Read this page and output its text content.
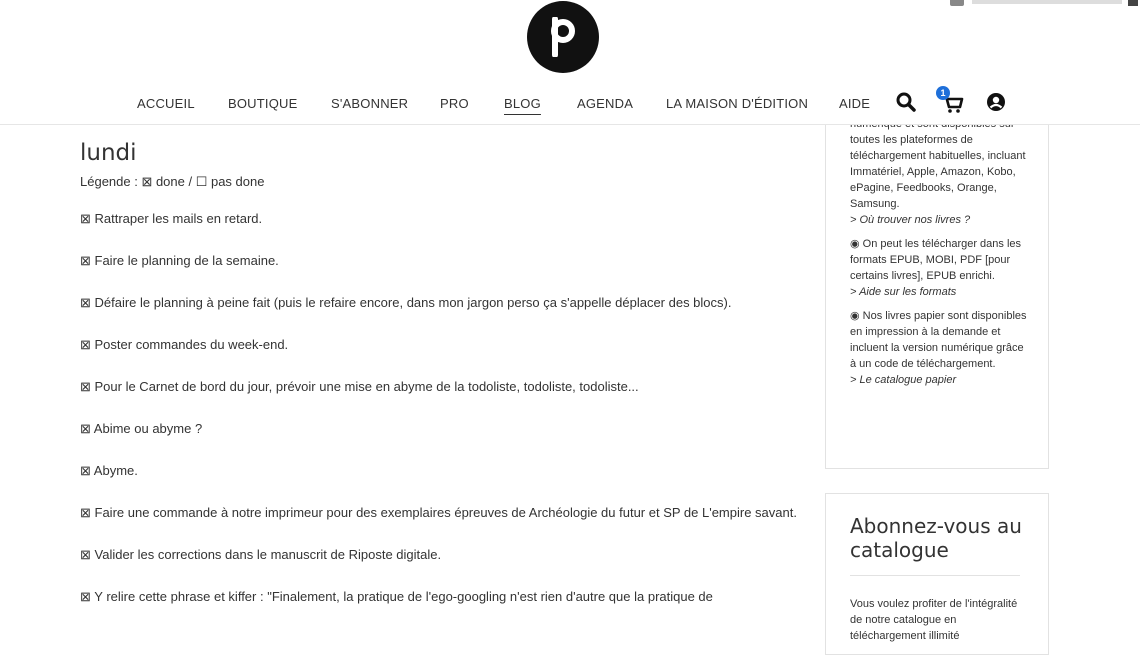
ACCUEIL	BOUTIQUE	S'ABONNER PRO	BLOG	AGENDA	LA MAISON D'ÉDITION AIDE
1
lundi
Légende : ⊠ done / ☐ pas done
⊠ Rattraper les mails en retard.
⊠ Faire le planning de la semaine.
⊠ Défaire le planning à peine fait (puis le refaire encore, dans mon jargon perso ça s'appelle déplacer des blocs).
⊠ Poster commandes du week-end.
⊠ Pour le Carnet de bord du jour, prévoir une mise en abyme de la todoliste, todoliste, todoliste...
⊠ Abime ou abyme ?
⊠ Abyme.
⊠ Faire une commande à notre imprimeur pour des exemplaires épreuves de Archéologie du futur et SP de L'empire savant.
⊠ Valider les corrections dans le manuscrit de Riposte digitale.
⊠ Y relire cette phrase et kiffer : "Finalement, la pratique de l'ego-googling n'est rien d'autre que la pratique de

toutes les plateformes de téléchargement habituelles, incluant Immatériel, Apple, Amazon, Kobo, ePagine, Feedbooks, Orange, Samsung.
> Où trouver nos livres ?

◉ On peut les télécharger dans les formats EPUB, MOBI, PDF [pour certains livres], EPUB enrichi.
> Aide sur les formats

◉ Nos livres papier sont disponibles en impression à la demande et incluent la version numérique grâce à un code de téléchargement.
> Le catalogue papier

Abonnez-vous au catalogue
Vous voulez profiter de l'intégralité de notre catalogue en téléchargement illimité
